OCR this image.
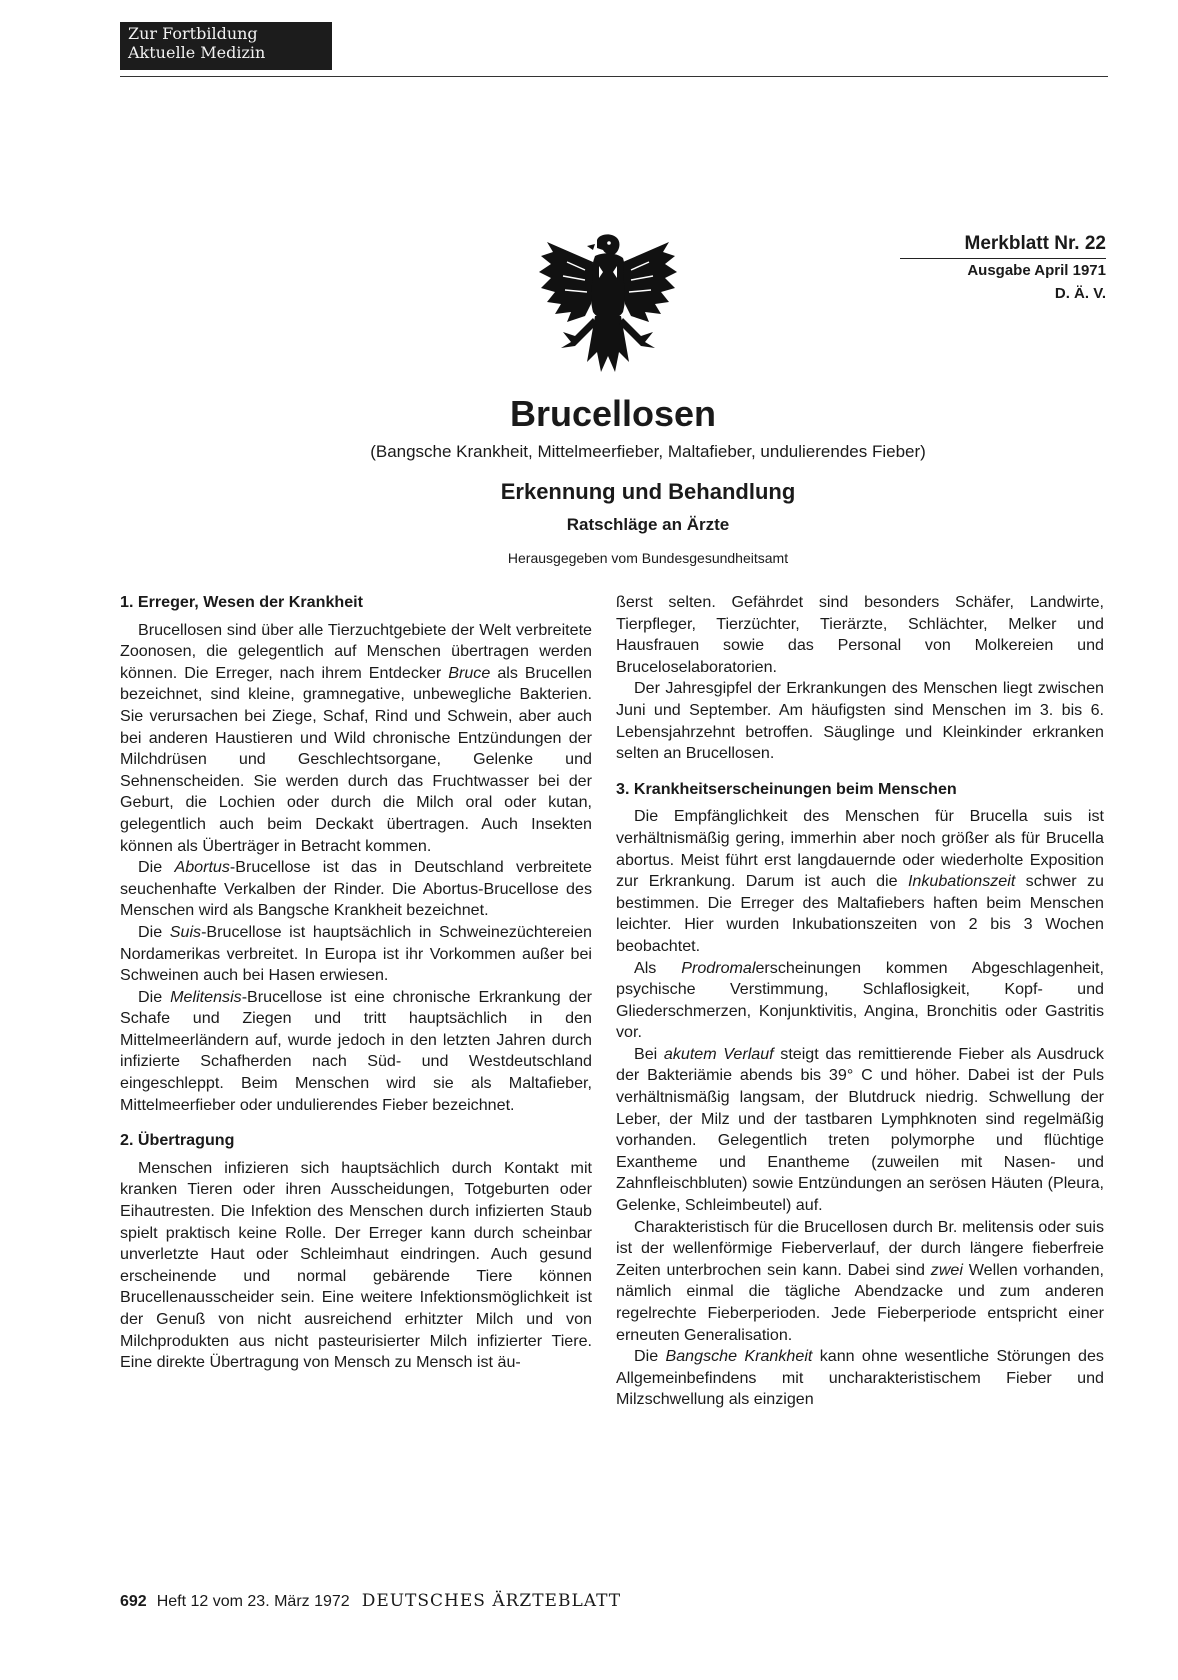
Zur Fortbildung
Aktuelle Medizin
Merkblatt Nr. 22
Ausgabe April 1971
D. Ä. V.
Brucellosen
(Bangsche Krankheit, Mittelmeerfieber, Maltafieber, undulierendes Fieber)
Erkennung und Behandlung
Ratschläge an Ärzte
Herausgegeben vom Bundesgesundheitsamt
1. Erreger, Wesen der Krankheit

Brucellosen sind über alle Tierzuchtgebiete der Welt verbreitete Zoonosen, die gelegentlich auf Menschen übertragen werden können. Die Erreger, nach ihrem Entdecker Bruce als Brucellen bezeichnet, sind kleine, gramnegative, unbewegliche Bakterien. Sie verursachen bei Ziege, Schaf, Rind und Schwein, aber auch bei anderen Haustieren und Wild chronische Entzündungen der Milchdrüsen und Geschlechtsorgane, Gelenke und Sehnenscheiden. Sie werden durch das Fruchtwasser bei der Geburt, die Lochien oder durch die Milch oral oder kutan, gelegentlich auch beim Deckakt übertragen. Auch Insekten können als Überträger in Betracht kommen.

Die Abortus-Brucellose ist das in Deutschland verbreitete seuchenhafte Verkalben der Rinder. Die Abortus-Brucellose des Menschen wird als Bangsche Krankheit bezeichnet.

Die Suis-Brucellose ist hauptsächlich in Schweinezüchtereien Nordamerikas verbreitet. In Europa ist ihr Vorkommen außer bei Schweinen auch bei Hasen erwiesen.

Die Melitensis-Brucellose ist eine chronische Erkrankung der Schafe und Ziegen und tritt hauptsächlich in den Mittelmeerländern auf, wurde jedoch in den letzten Jahren durch infizierte Schafherden nach Süd- und Westdeutschland eingeschleppt. Beim Menschen wird sie als Maltafieber, Mittelmeerfieber oder undulierendes Fieber bezeichnet.

2. Übertragung

Menschen infizieren sich hauptsächlich durch Kontakt mit kranken Tieren oder ihren Ausscheidungen, Totgeburten oder Eihautresten. Die Infektion des Menschen durch infizierten Staub spielt praktisch keine Rolle. Der Erreger kann durch scheinbar unverletzte Haut oder Schleimhaut eindringen. Auch gesund erscheinende und normal gebärende Tiere können Brucellenausscheider sein. Eine weitere Infektionsmöglichkeit ist der Genuß von nicht ausreichend erhitzter Milch und von Milchprodukten aus nicht pasteurisierter Milch infizierter Tiere. Eine direkte Übertragung von Mensch zu Mensch ist äu-

ßerst selten. Gefährdet sind besonders Schäfer, Landwirte, Tierpfleger, Tierzüchter, Tierärzte, Schlächter, Melker und Hausfrauen sowie das Personal von Molkereien und Bruceloselaboratorien.

Der Jahresgipfel der Erkrankungen des Menschen liegt zwischen Juni und September. Am häufigsten sind Menschen im 3. bis 6. Lebensjahrzehnt betroffen. Säuglinge und Kleinkinder erkranken selten an Brucellosen.

3. Krankheitserscheinungen beim Menschen

Die Empfänglichkeit des Menschen für Brucella suis ist verhältnismäßig gering, immerhin aber noch größer als für Brucella abortus. Meist führt erst langdauernde oder wiederholte Exposition zur Erkrankung. Darum ist auch die Inkubationszeit schwer zu bestimmen. Die Erreger des Maltafiebers haften beim Menschen leichter. Hier wurden Inkubationszeiten von 2 bis 3 Wochen beobachtet.

Als Prodromalerscheinungen kommen Abgeschlagenheit, psychische Verstimmung, Schlaflosigkeit, Kopf- und Gliederschmerzen, Konjunktivitis, Angina, Bronchitis oder Gastritis vor.

Bei akutem Verlauf steigt das remittierende Fieber als Ausdruck der Bakteriämie abends bis 39° C und höher. Dabei ist der Puls verhältnismäßig langsam, der Blutdruck niedrig. Schwellung der Leber, der Milz und der tastbaren Lymphknoten sind regelmäßig vorhanden. Gelegentlich treten polymorphe und flüchtige Exantheme und Enantheme (zuweilen mit Nasen- und Zahnfleischbluten) sowie Entzündungen an serösen Häuten (Pleura, Gelenke, Schleimbeutel) auf.

Charakteristisch für die Brucellosen durch Br. melitensis oder suis ist der wellenförmige Fieberverlauf, der durch längere fieberfreie Zeiten unterbrochen sein kann. Dabei sind zwei Wellen vorhanden, nämlich einmal die tägliche Abendzacke und zum anderen regelrechte Fieberperioden. Jede Fieberperiode entspricht einer erneuten Generalisation.

Die Bangsche Krankheit kann ohne wesentliche Störungen des Allgemeinbefindens mit uncharakteristischem Fieber und Milzschwellung als einzigen

692 Heft 12 vom 23. März 1972 DEUTSCHES ÄRZTEBLATT
